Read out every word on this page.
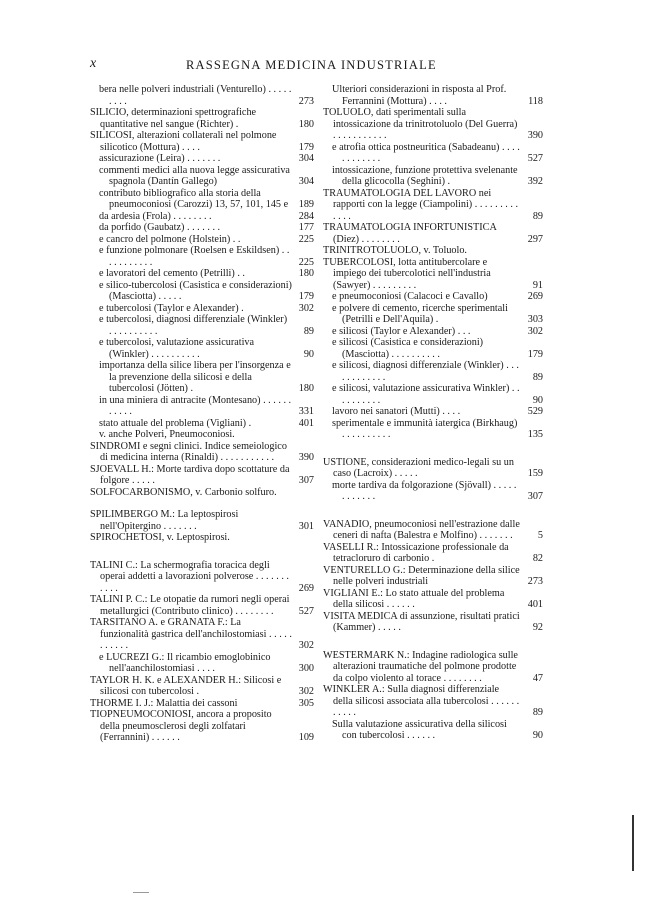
x	RASSEGNA MEDICINA INDUSTRIALE
bera nelle polveri industriali (Venturello) . . . . . . . . .	273
SILICIO, determinazioni spettrografiche quantitative nel sangue (Richter) .	180
SILICOSI, alterazioni collaterali nel polmone silicotico (Mottura) . . . .	179
assicurazione (Leira) . . . . . . .	304
commenti medici alla nuova legge assicurativa spagnola (Dantín Gallego)	304
contributo bibliografico alla storia della pneumoconiosi (Carozzi) 13, 57, 101, 145 e	189
da ardesia (Frola) . . . . . . . .	284
da porfido (Gaubatz) . . . . . . .	177
e cancro del polmone (Holstein) . .	225
e funzione polmonare (Roelsen e Eskildsen) . . . . . . . . . . .	225
e lavoratori del cemento (Petrilli) . .	180
e silico-tubercolosi (Casistica e considerazioni) (Masciotta) . . . . .	179
e tubercolosi (Taylor e Alexander) .	302
e tubercolosi, diagnosi differenziale (Winkler) . . . . . . . . . .	89
e tubercolosi, valutazione assicurativa (Winkler) . . . . . . . . . .	90
importanza della silice libera per l'insorgenza e la prevenzione della silicosi e della tubercolosi (Jötten) .	180
in una miniera di antracite (Montesano) . . . . . . . . . . .	331
stato attuale del problema (Vigliani) .	401
v. anche Polveri, Pneumoconiosi.
SINDROMI e segni clinici. Indice semeiologico di medicina interna (Rinaldi) . . . . . . . . . . .	390
SJOEVALL H.: Morte tardiva dopo scottature da folgore . . . . .	307
SOLFOCARBONISMO, v. Carbonio solfuro.
SPILIMBERGO M.: La leptospirosi nell'Opitergino . . . . . . .	301
SPIROCHETOSI, v. Leptospirosi.
TALINI C.: La schermografia toracica degli operai addetti a lavorazioni polverose . . . . . . . . . . .	269
TALINI P. C.: Le otopatie da rumori negli operai metallurgici (Contributo clinico) . . . . . . . .	527
TARSITANO A. e GRANATA F.: La funzionalità gastrica dell'anchilostomiasi . . . . . . . . . . .	302
e LUCREZI G.: Il ricambio emoglobinico nell'aanchilostomiasi . . . .	300
TAYLOR H. K. e ALEXANDER H.: Silicosi e silicosi con tubercolosi .	302
THORME I. J.: Malattia dei cassoni	305
TIOPNEUMOCONIOSI, ancora a proposito della pneumosclerosi degli zolfatari (Ferrannini) . . . . . .	109
Ulteriori considerazioni in risposta al Prof. Ferrannini (Mottura) . . . .	118
TOLUOLO, dati sperimentali sulla intossicazione da trinitrotoluolo (Del Guerra) . . . . . . . . . . .	390
e atrofia ottica postneuritica (Sabadeanu) . . . . . . . . . . . .	527
intossicazione, funzione protettiva svelenante della glicocolla (Seghini) .	392
TRAUMATOLOGIA DEL LAVORO nei rapporti con la legge (Ciampolini) . . . . . . . . . . . . .	89
TRAUMATOLOGIA INFORTUNISTICA (Diez) . . . . . . . .	297
TRINITROTOLUOLO, v. Toluolo.
TUBERCOLOSI, lotta antitubercolare e impiego dei tubercolotici nell'industria (Sawyer) . . . . . . . . .	91
e pneumoconiosi (Calacoci e Cavallo)	269
e polvere di cemento, ricerche sperimentali (Petrilli e Dell'Aquila) .	303
e silicosi (Taylor e Alexander) . . .	302
e silicosi (Casistica e considerazioni) (Masciotta) . . . . . . . . . .	179
e silicosi, diagnosi differenziale (Winkler) . . . . . . . . . . . .	89
e silicosi, valutazione assicurativa Winkler) . . . . . . . . . .	90
lavoro nei sanatori (Mutti) . . . .	529
sperimentale e immunità iatergica (Birkhaug) . . . . . . . . . .	135
USTIONE, considerazioni medico-legali su un caso (Lacroix) . . . . .	159
morte tardiva da folgorazione (Sjövall) . . . . . . . . . . . .	307
VANADIO, pneumoconiosi nell'estrazione dalle ceneri di nafta (Balestra e Molfino) . . . . . . .	5
VASELLI R.: Intossicazione professionale da tetracloruro di carbonio .	82
VENTURELLO G.: Determinazione della silice nelle polveri industriali	273
VIGLIANI E.: Lo stato attuale del problema della silicosi . . . . . .	401
VISITA MEDICA di assunzione, risultati pratici (Kammer) . . . . .	92
WESTERMARK N.: Indagine radiologica sulle alterazioni traumatiche del polmone prodotte da colpo violento al torace . . . . . . . .	47
WINKLER A.: Sulla diagnosi differenziale della silicosi associata alla tubercolosi . . . . . . . . . . .	89
Sulla valutazione assicurativa della silicosi con tubercolosi . . . . . .	90
